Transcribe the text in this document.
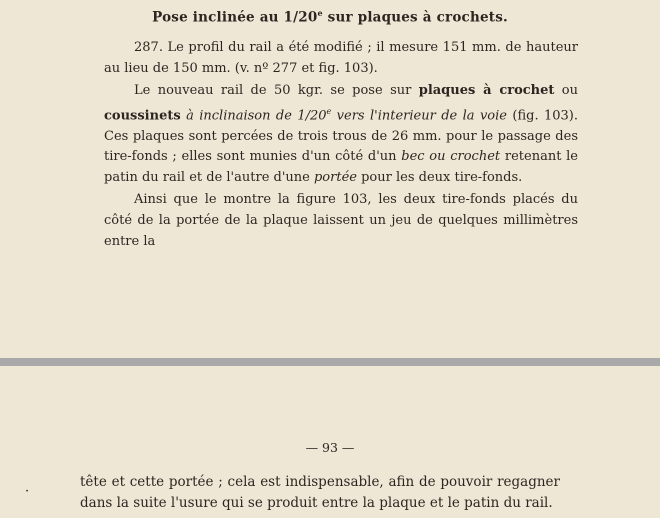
Pose inclinée au 1/20e sur plaques à crochets.

287. Le profil du rail a été modifié ; il mesure 151 mm. de hauteur au lieu de 150 mm. (v. nº 277 et fig. 103).

Le nouveau rail de 50 kgr. se pose sur plaques à crochet ou coussinets à inclinaison de 1/20e vers l'interieur de la voie (fig. 103). Ces plaques sont percées de trois trous de 26 mm. pour le passage des tire-fonds ; elles sont munies d'un côté d'un bec ou crochet retenant le patin du rail et de l'autre d'une portée pour les deux tire-fonds.

Ainsi que le montre la figure 103, les deux tire-fonds placés du côté de la portée de la plaque laissent un jeu de quelques millimètres entre la

— 93 —
·
tête et cette portée ; cela est indispensable, afin de pouvoir regagner dans la suite l'usure qui se produit entre la plaque et le patin du rail.
